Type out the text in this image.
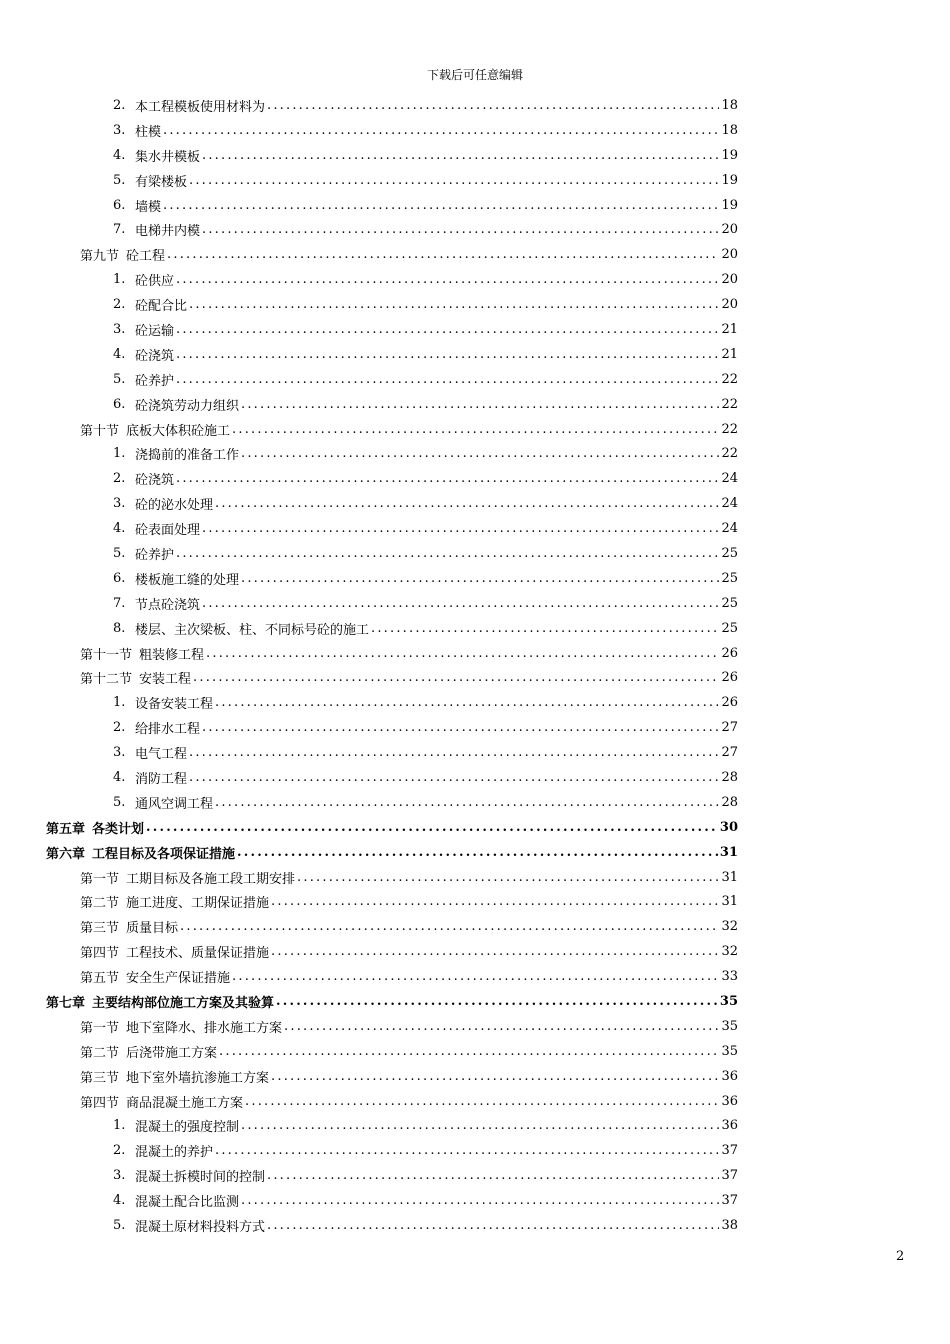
下载后可任意编辑
2. 本工程模板使用材料为 .....	18
3. 柱模 .....	18
4. 集水井模板 .....	19
5. 有梁楼板 .....	19
6. 墙模 .....	19
7. 电梯井内模 .....	20
第九节 砼工程 .....	20
1. 砼供应 .....	20
2. 砼配合比 .....	20
3. 砼运输 .....	21
4. 砼浇筑 .....	21
5. 砼养护 .....	22
6. 砼浇筑劳动力组织 .....	22
第十节 底板大体积砼施工 .....	22
1. 浇捣前的准备工作 .....	22
2. 砼浇筑 .....	24
3. 砼的泌水处理 .....	24
4. 砼表面处理 .....	24
5. 砼养护 .....	25
6. 楼板施工缝的处理 .....	25
7. 节点砼浇筑 .....	25
8. 楼层、主次梁板、柱、不同标号砼的施工 .....	25
第十一节 粗装修工程 .....	26
第十二节 安装工程 .....	26
1. 设备安装工程 .....	26
2. 给排水工程 .....	27
3. 电气工程 .....	27
4. 消防工程 .....	28
5. 通风空调工程 .....	28
第五章 各类计划 .....	30
第六章 工程目标及各项保证措施 .....	31
第一节 工期目标及各施工段工期安排 .....	31
第二节 施工进度、工期保证措施 .....	31
第三节 质量目标 .....	32
第四节 工程技术、质量保证措施 .....	32
第五节 安全生产保证措施 .....	33
第七章 主要结构部位施工方案及其验算 .....	35
第一节 地下室降水、排水施工方案 .....	35
第二节 后浇带施工方案 .....	35
第三节 地下室外墙抗渗施工方案 .....	36
第四节 商品混凝土施工方案 .....	36
1. 混凝土的强度控制 .....	36
2. 混凝土的养护 .....	37
3. 混凝土拆模时间的控制 .....	37
4. 混凝土配合比监测 .....	37
5. 混凝土原材料投料方式 .....	38
2
